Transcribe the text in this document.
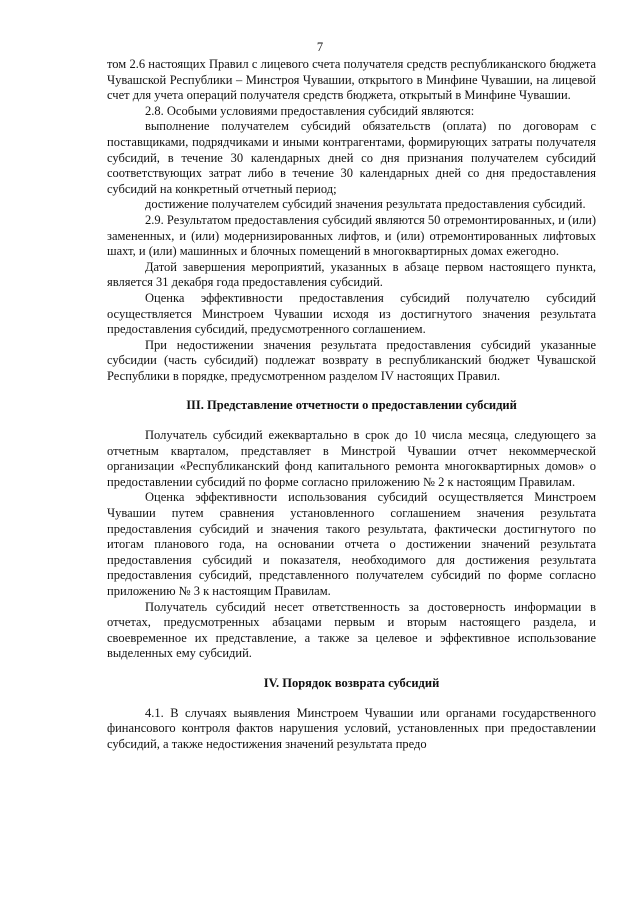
7

том 2.6 настоящих Правил с лицевого счета получателя средств республиканского бюджета Чувашской Республики – Минстроя Чувашии, открытого в Минфине Чувашии, на лицевой счет для учета операций получателя средств бюджета, открытый в Минфине Чувашии.

2.8. Особыми условиями предоставления субсидий являются:

выполнение получателем субсидий обязательств (оплата) по договорам с поставщиками, подрядчиками и иными контрагентами, формирующих затраты получателя субсидий, в течение 30 календарных дней со дня признания получателем субсидий соответствующих затрат либо в течение 30 календарных дней со дня предоставления субсидий на конкретный отчетный период;

достижение получателем субсидий значения результата предоставления субсидий.

2.9. Результатом предоставления субсидий являются 50 отремонтированных, и (или) замененных, и (или) модернизированных лифтов, и (или) отремонтированных лифтовых шахт, и (или) машинных и блочных помещений в многоквартирных домах ежегодно.

Датой завершения мероприятий, указанных в абзаце первом настоящего пункта, является 31 декабря года предоставления субсидий.

Оценка эффективности предоставления субсидий получателю субсидий осуществляется Минстроем Чувашии исходя из достигнутого значения результата предоставления субсидий, предусмотренного соглашением.

При недостижении значения результата предоставления субсидий указанные субсидии (часть субсидий) подлежат возврату в республиканский бюджет Чувашской Республики в порядке, предусмотренном разделом IV настоящих Правил.

III. Представление отчетности о предоставлении субсидий

Получатель субсидий ежеквартально в срок до 10 числа месяца, следующего за отчетным кварталом, представляет в Минстрой Чувашии отчет некоммерческой организации «Республиканский фонд капитального ремонта многоквартирных домов» о предоставлении субсидий по форме согласно приложению № 2 к настоящим Правилам.

Оценка эффективности использования субсидий осуществляется Минстроем Чувашии путем сравнения установленного соглашением значения результата предоставления субсидий и значения такого результата, фактически достигнутого по итогам планового года, на основании отчета о достижении значений результата предоставления субсидий и показателя, необходимого для достижения результата предоставления субсидий, представленного получателем субсидий по форме согласно приложению № 3 к настоящим Правилам.

Получатель субсидий несет ответственность за достоверность информации в отчетах, предусмотренных абзацами первым и вторым настоящего раздела, и своевременное их представление, а также за целевое и эффективное использование выделенных ему субсидий.

IV. Порядок возврата субсидий

4.1. В случаях выявления Минстроем Чувашии или органами государственного финансового контроля фактов нарушения условий, установленных при предоставлении субсидий, а также недостижения значений результата предо
